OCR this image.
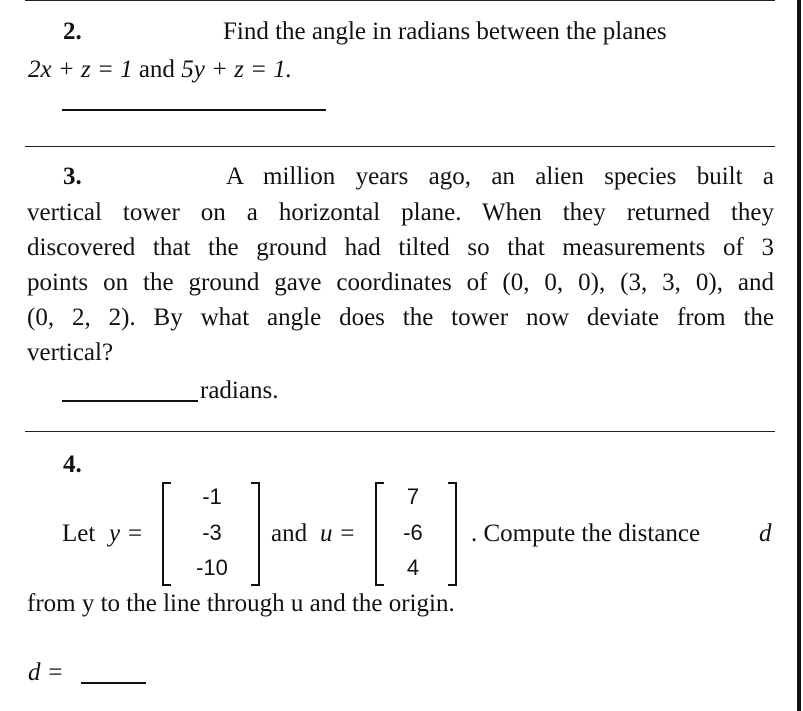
2.	Find the angle in radians between the planes
2x + z = 1 and 5y + z = 1.
3.	A million years ago, an alien species built a
vertical tower on a horizontal plane. When they returned they
discovered that the ground had tilted so that measurements of 3
points on the ground gave coordinates of (0, 0, 0), (3, 3, 0), and
(0, 2, 2). By what angle does the tower now deviate from the
vertical?
radians.
4.
Let y =
-1
-3
-10
and u =
7
-6
4
. Compute the distance d
from y to the line through u and the origin.
d =
